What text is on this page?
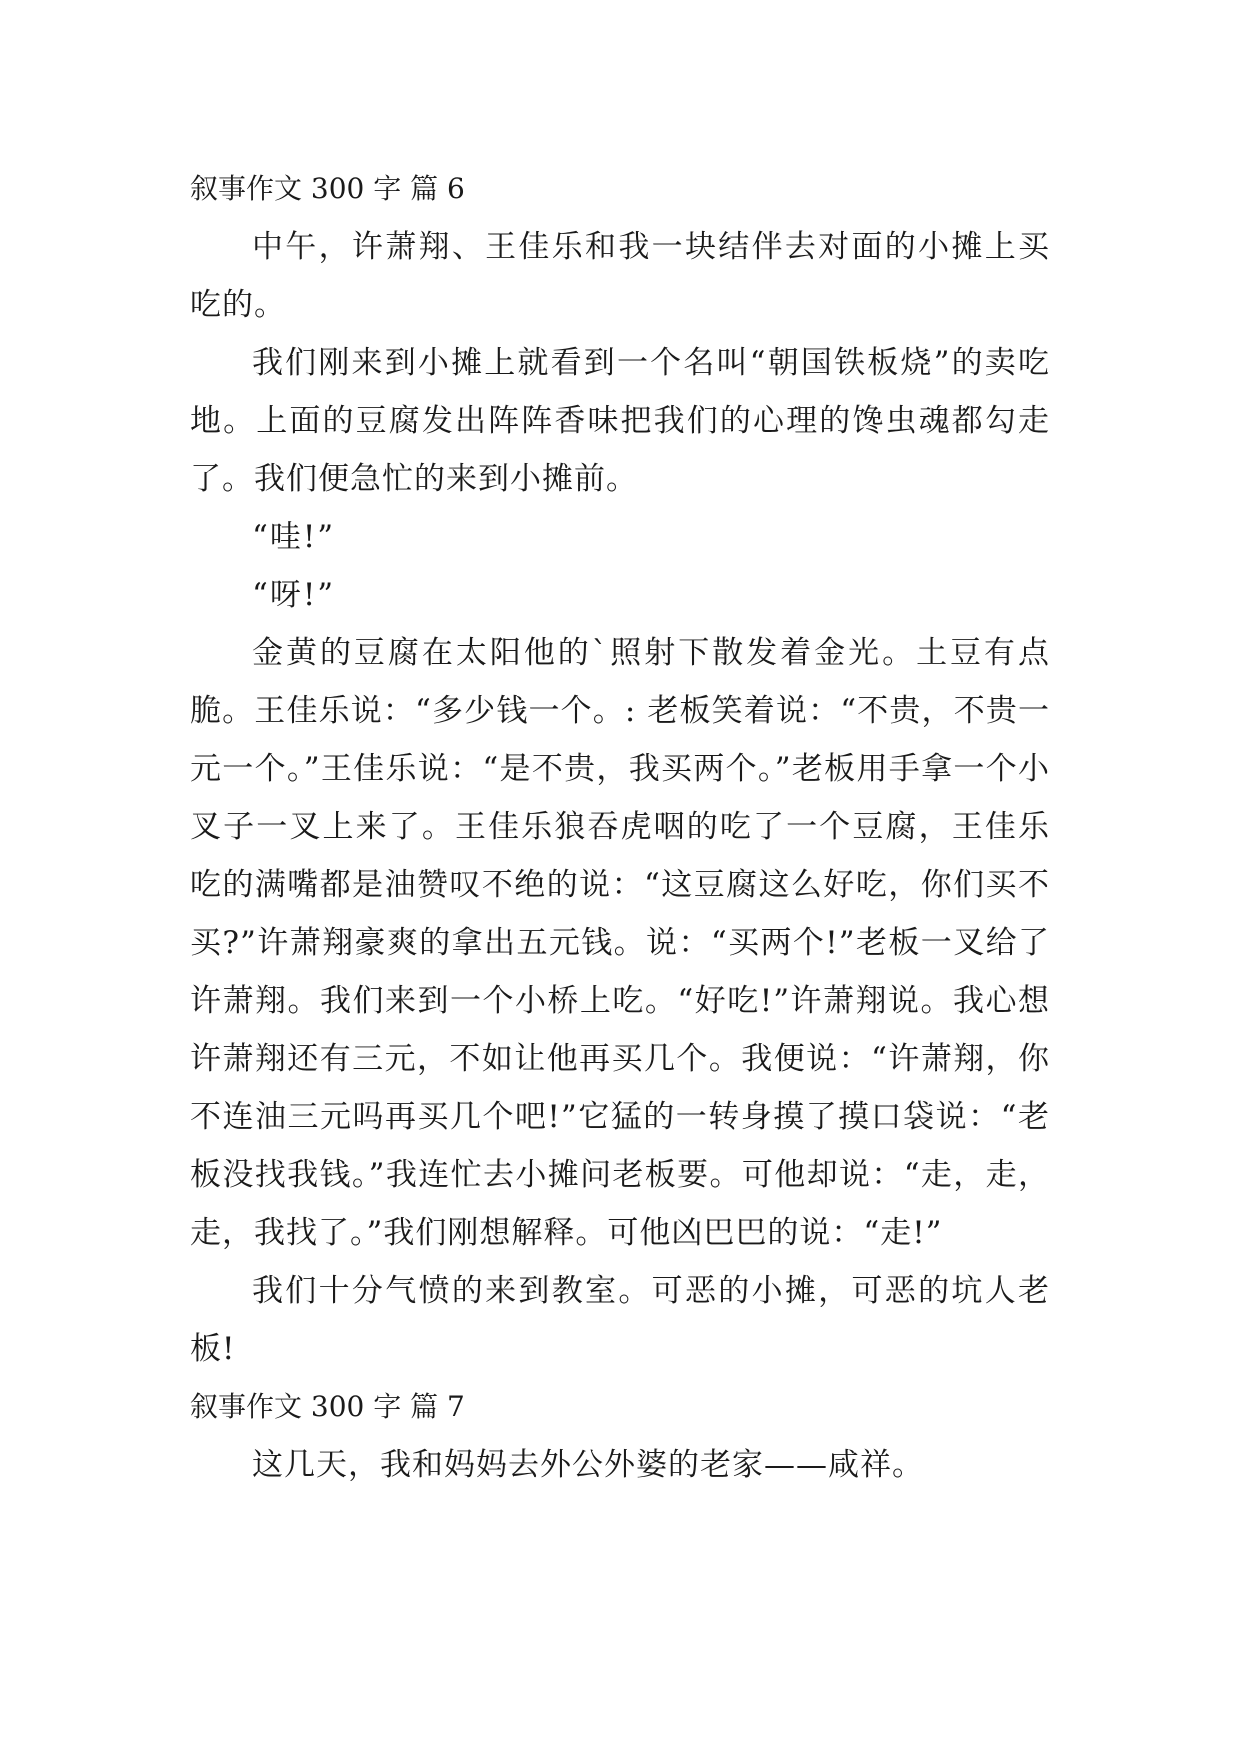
叙事作文 300 字 篇 6

中午，许萧翔、王佳乐和我一块结伴去对面的小摊上买吃的。

我们刚来到小摊上就看到一个名叫“朝国铁板烧”的卖吃地。上面的豆腐发出阵阵香味把我们的心理的馋虫魂都勾走了。我们便急忙的来到小摊前。

“哇!”

“呀!”

金黄的豆腐在太阳他的`照射下散发着金光。土豆有点脆。王佳乐说：“多少钱一个。: 老板笑着说：“不贵，不贵一元一个。”王佳乐说：“是不贵，我买两个。”老板用手拿一个小叉子一叉上来了。王佳乐狼吞虎咽的吃了一个豆腐，王佳乐吃的满嘴都是油赞叹不绝的说：“这豆腐这么好吃，你们买不买?”许萧翔豪爽的拿出五元钱。说：“买两个!”老板一叉给了许萧翔。我们来到一个小桥上吃。“好吃!”许萧翔说。我心想许萧翔还有三元，不如让他再买几个。我便说：“许萧翔，你不连油三元吗再买几个吧!”它猛的一转身摸了摸口袋说：“老板没找我钱。”我连忙去小摊问老板要。可他却说：“走，走，走，我找了。”我们刚想解释。可他凶巴巴的说：“走!”

我们十分气愤的来到教室。可恶的小摊，可恶的坑人老板!

叙事作文 300 字 篇 7

这几天，我和妈妈去外公外婆的老家——咸祥。
